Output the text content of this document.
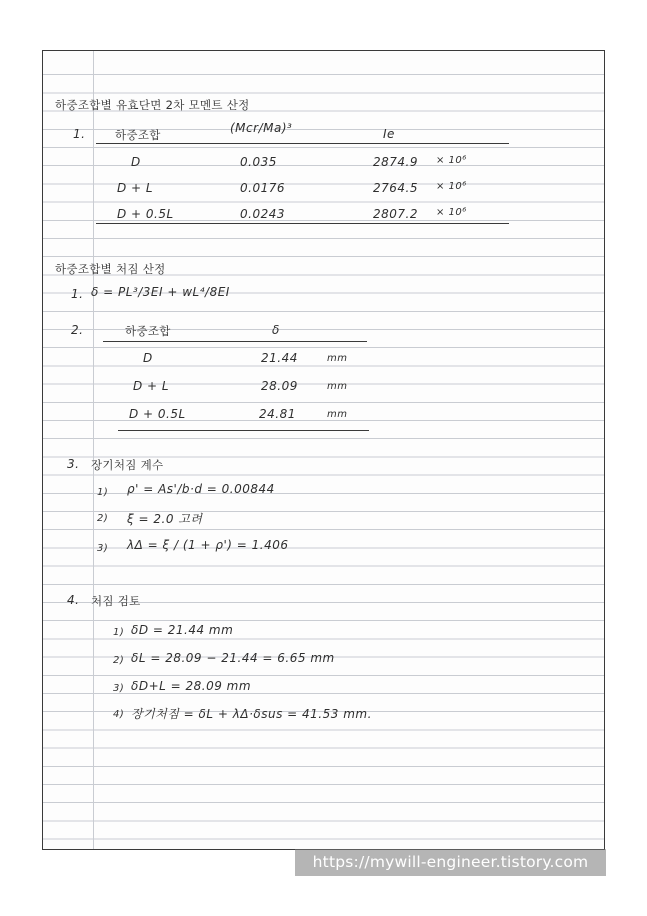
하중조합별 유효단면 2차 모멘트 산정
1.	하중조합	(Mcr/Ma)³	Ie
D	0.035	2874.9 × 10⁶
D + L	0.0176	2764.5 × 10⁶
D + 0.5L	0.0243	2807.2 × 10⁶
하중조합별 처짐 산정
1. δ = PL³/3EI + wL⁴/8EI
2.	하중조합	δ
D	21.44	mm
D + L	28.09	mm
D + 0.5L	24.81	mm
3. 장기처짐 계수
1) ρ' = As'/b·d = 0.00844
2) ξ = 2.0 고려
3) λΔ = ξ / (1 + ρ') = 1.406
4. 처짐 검토
1) δD = 21.44 mm
2) δL = 28.09 − 21.44 = 6.65 mm
3) δD+L = 28.09 mm
4) 장기처짐 = δL + λΔ·δsus = 41.53 mm.
https://mywill-engineer.tistory.com
